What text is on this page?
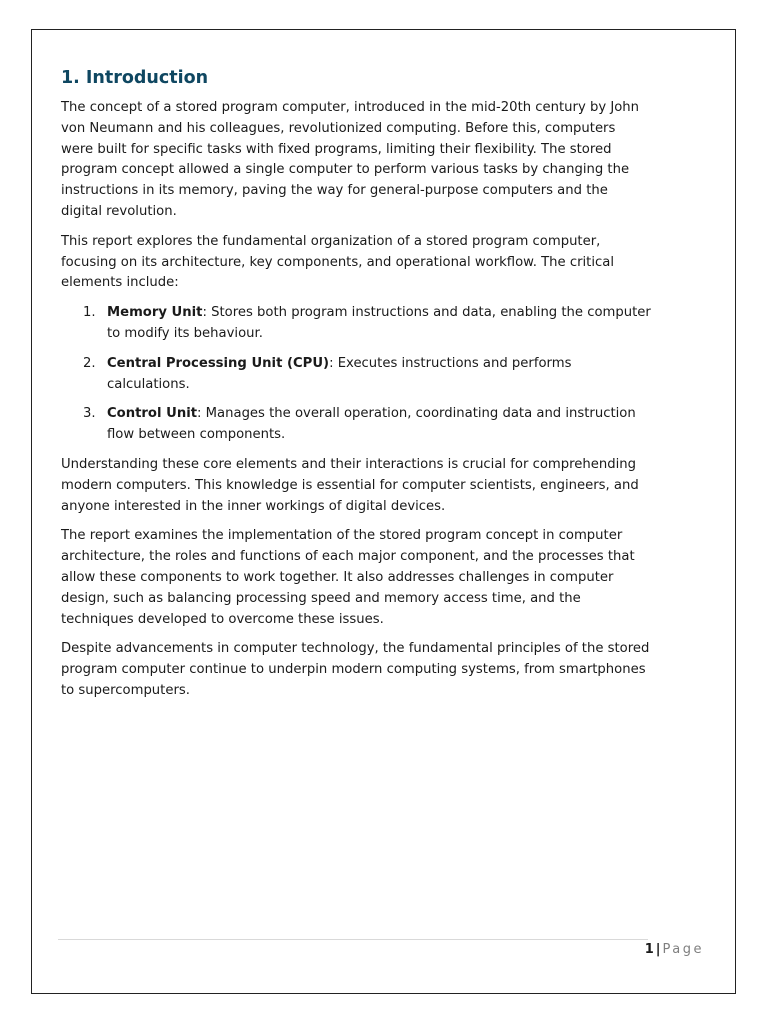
1. Introduction

The concept of a stored program computer, introduced in the mid-20th century by John von Neumann and his colleagues, revolutionized computing. Before this, computers were built for specific tasks with fixed programs, limiting their flexibility. The stored program concept allowed a single computer to perform various tasks by changing the instructions in its memory, paving the way for general-purpose computers and the digital revolution.

This report explores the fundamental organization of a stored program computer, focusing on its architecture, key components, and operational workflow. The critical elements include:

1. Memory Unit: Stores both program instructions and data, enabling the computer to modify its behaviour.
2. Central Processing Unit (CPU): Executes instructions and performs calculations.
3. Control Unit: Manages the overall operation, coordinating data and instruction flow between components.

Understanding these core elements and their interactions is crucial for comprehending modern computers. This knowledge is essential for computer scientists, engineers, and anyone interested in the inner workings of digital devices.

The report examines the implementation of the stored program concept in computer architecture, the roles and functions of each major component, and the processes that allow these components to work together. It also addresses challenges in computer design, such as balancing processing speed and memory access time, and the techniques developed to overcome these issues.

Despite advancements in computer technology, the fundamental principles of the stored program computer continue to underpin modern computing systems, from smartphones to supercomputers.

1 | Page
